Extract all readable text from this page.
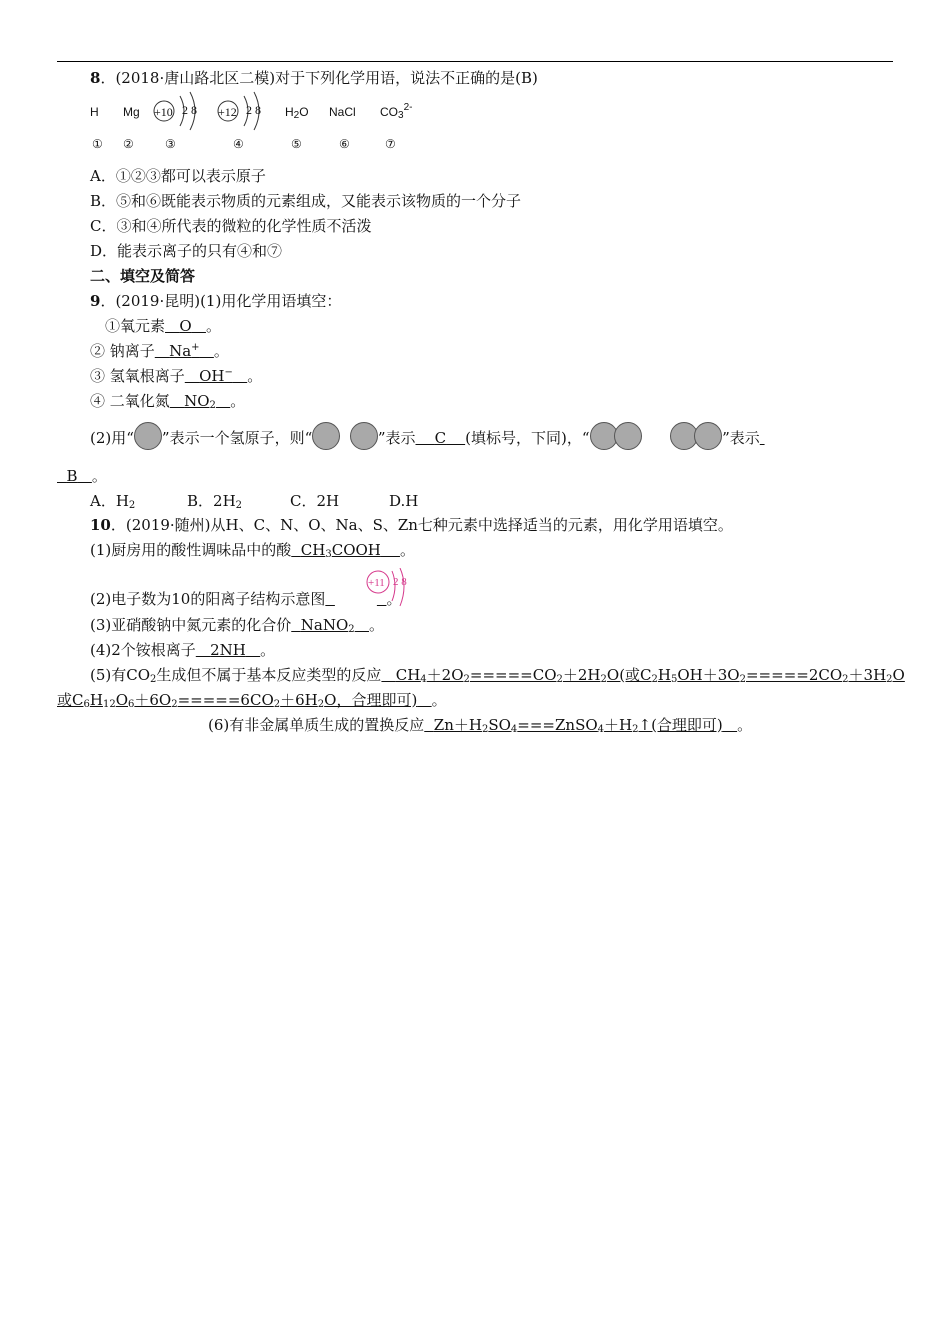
8．(2018·唐山路北区二模)对于下列化学用语，说法不正确的是(B)
H Mg +10 2 8 +12 2 8 $H_2O$ NaCl $CO_3^{2-}$
① ②	③	④	⑤	⑥	⑦
A．①②③都可以表示原子
B．⑤和⑥既能表示物质的元素组成，又能表示该物质的一个分子
C．③和④所代表的微粒的化学性质不活泼
D．能表示离子的只有④和⑦
二、填空及简答
9．(2019·昆明)(1)用化学用语填空：
①氧元素 O 。
② 钠离子 Na+ 。
③ 氢氧根离子 OH− 。
④ 二氧化氮 $NO_2$ 。
(2)用“ ”表示一个氢原子，则“	”表示 C (填标号，下同)，“	”表示
B 。
A．$H_2$	B．$2H_2$	C．2H	D.H
10．(2019·随州)从H、C、N、O、Na、S、Zn七种元素中选择适当的元素，用化学用语填空。
(1)厨房用的酸性调味品中的酸 $CH_3COOH$ 。
(2)电子数为10的阳离子结构示意图	。
+11 2 8
(3)亚硝酸钠中氮元素的化合价 NaNO$_2$ 。
(4)2个铵根离子 2NH 。
(5)有$CO_2$生成但不属于基本反应类型的反应 $CH_4+2O_2=====CO_2+2H_2O$(或$C_2H_5OH+3O_2=====2CO_2+3H_2O$
或$C_6H_{12}O_6+6O_2=====6CO_2+6H_2O$，合理即可) 。
(6)有非金属单质生成的置换反应 $Zn+H_2SO_4===ZnSO_4+H_2↑$(合理即可) 。
